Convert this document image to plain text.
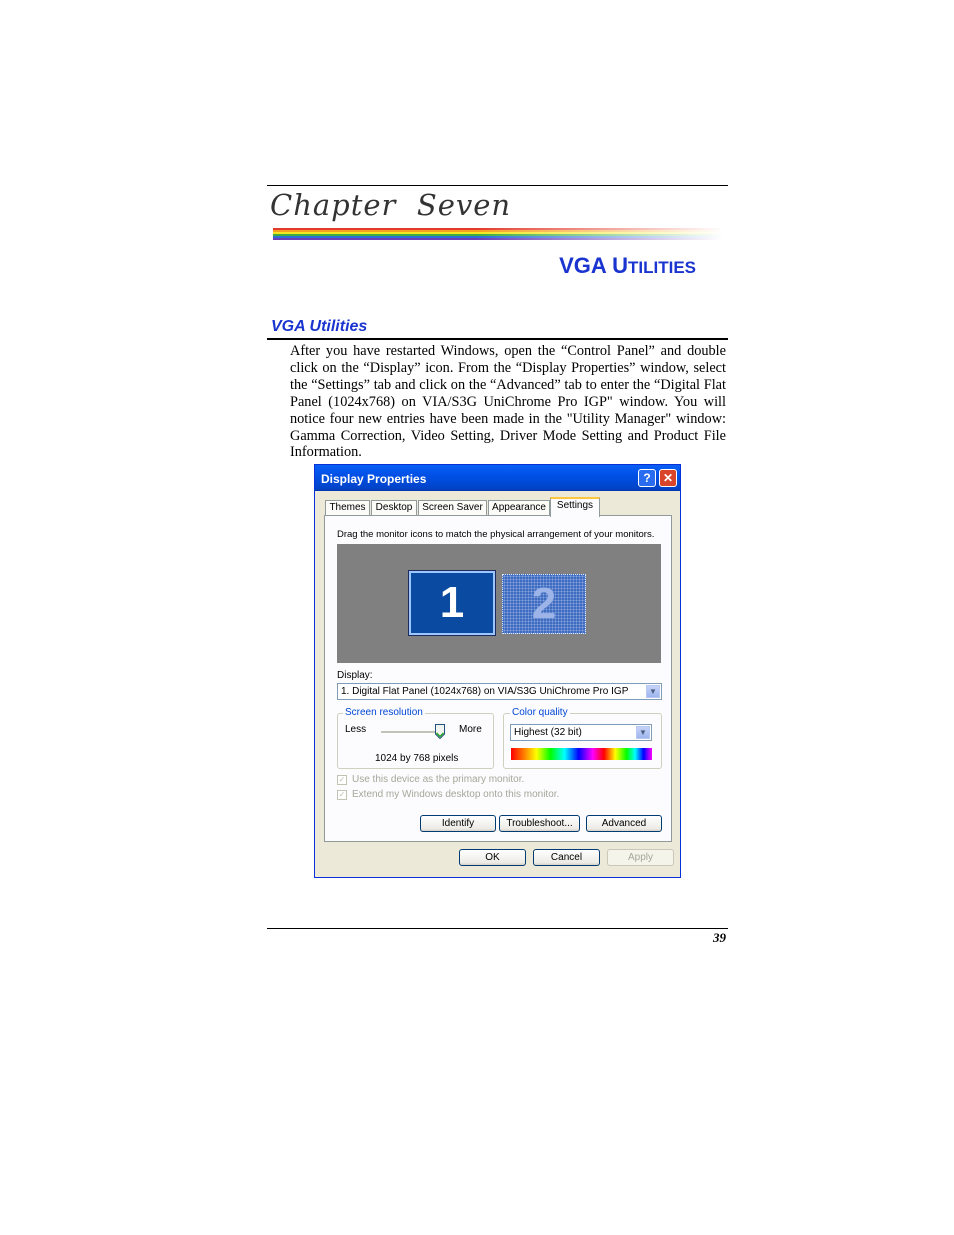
Chapter  Seven
VGA UTILITIES
VGA Utilities
After you have restarted Windows, open the “Control Panel” and double click on the “Display” icon. From the “Display Properties” window, select the “Settings” tab and click on the “Advanced” tab to enter the “Digital Flat Panel (1024x768) on VIA/S3G UniChrome Pro IGP" window. You will notice four new entries have been made in the "Utility Manager" window: Gamma Correction, Video Setting, Driver Mode Setting and Product File Information.
Display Properties	?	✕
Themes	Desktop Screen Saver Appearance	Settings
Drag the monitor icons to match the physical arrangement of your monitors.
1	2
Display:
1. Digital Flat Panel (1024x768) on VIA/S3G UniChrome Pro IGP	▼
Screen resolution
Less	More
1024 by 768 pixels
Color quality
Highest (32 bit)	▼
✓ Use this device as the primary monitor.
✓ Extend my Windows desktop onto this monitor.
Identify	Troubleshoot...	Advanced
OK	Cancel	Apply
39
